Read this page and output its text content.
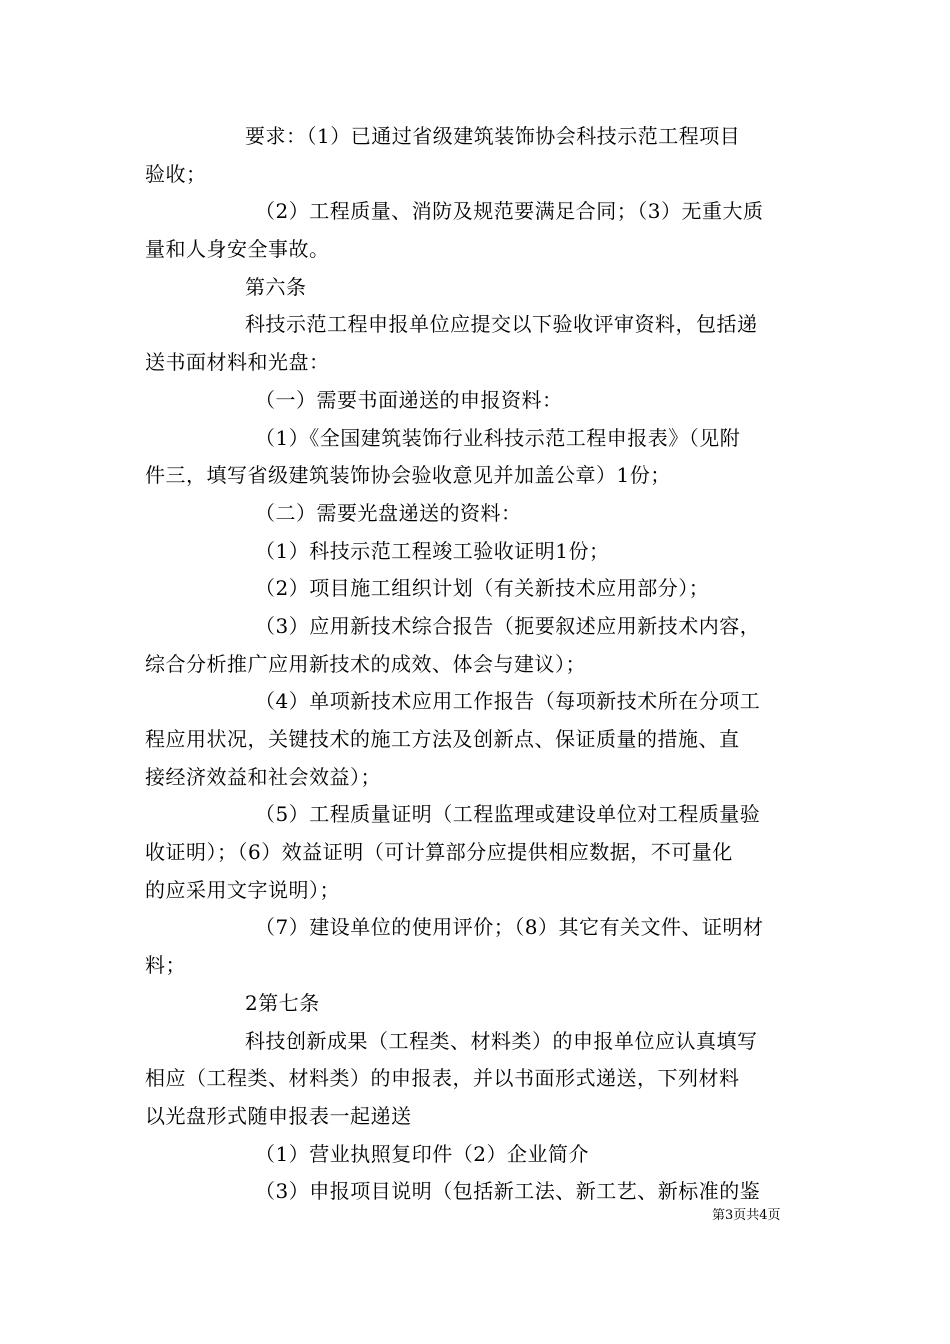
要求：（1）已通过省级建筑装饰协会科技示范工程项目
验收；
（2）工程质量、消防及规范要满足合同；（3）无重大质
量和人身安全事故。
第六条
科技示范工程申报单位应提交以下验收评审资料，包括递
送书面材料和光盘：
（一）需要书面递送的申报资料：
（1）《全国建筑装饰行业科技示范工程申报表》（见附
件三，填写省级建筑装饰协会验收意见并加盖公章）1份；
（二）需要光盘递送的资料：
（1）科技示范工程竣工验收证明1份；
（2）项目施工组织计划（有关新技术应用部分）；
（3）应用新技术综合报告（扼要叙述应用新技术内容，
综合分析推广应用新技术的成效、体会与建议）；
（4）单项新技术应用工作报告（每项新技术所在分项工
程应用状况，关键技术的施工方法及创新点、保证质量的措施、直
接经济效益和社会效益）；
（5）工程质量证明（工程监理或建设单位对工程质量验
收证明）；（6）效益证明（可计算部分应提供相应数据，不可量化
的应采用文字说明）；
（7）建设单位的使用评价；（8）其它有关文件、证明材
料；
2第七条
科技创新成果（工程类、材料类）的申报单位应认真填写
相应（工程类、材料类）的申报表，并以书面形式递送，下列材料
以光盘形式随申报表一起递送
（1）营业执照复印件（2）企业简介
（3）申报项目说明（包括新工法、新工艺、新标准的鉴
第3页共4页
